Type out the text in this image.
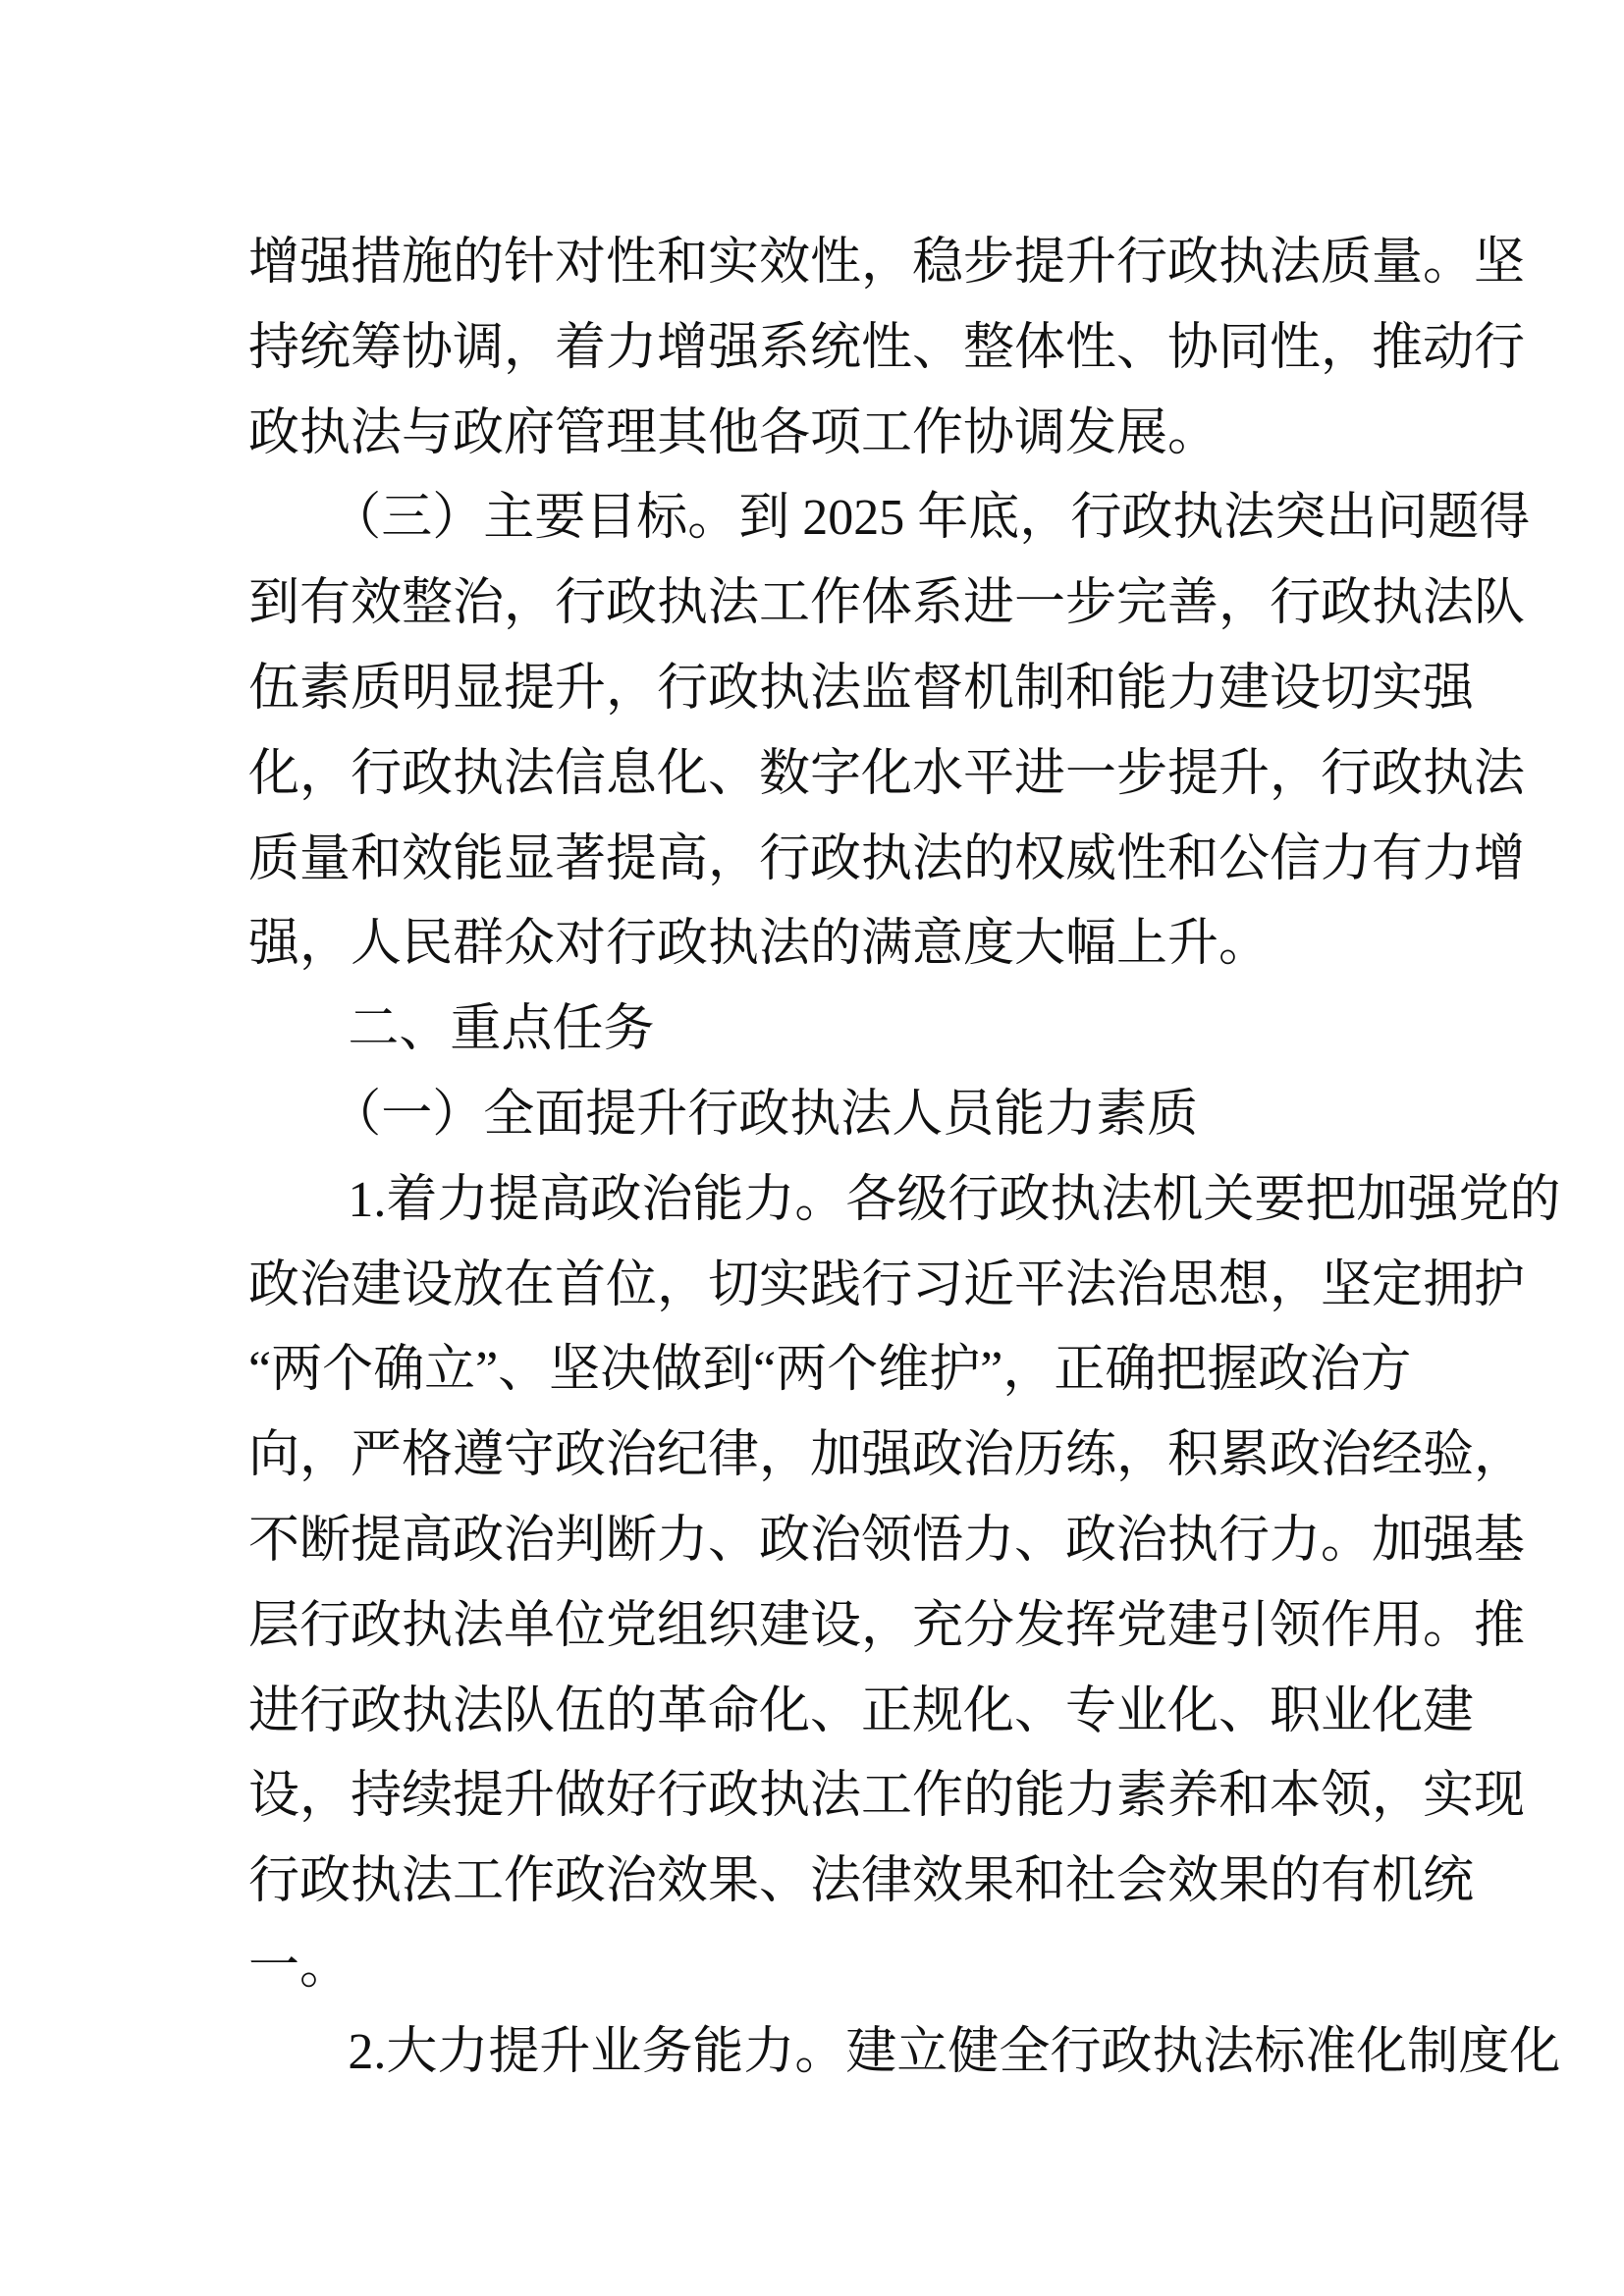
增强措施的针对性和实效性，稳步提升行政执法质量。坚
持统筹协调，着力增强系统性、整体性、协同性，推动行
政执法与政府管理其他各项工作协调发展。
（三）主要目标。到 2025 年底，行政执法突出问题得
到有效整治，行政执法工作体系进一步完善，行政执法队
伍素质明显提升，行政执法监督机制和能力建设切实强
化，行政执法信息化、数字化水平进一步提升，行政执法
质量和效能显著提高，行政执法的权威性和公信力有力增
强，人民群众对行政执法的满意度大幅上升。
二、重点任务
（一）全面提升行政执法人员能力素质
1.着力提高政治能力。各级行政执法机关要把加强党的
政治建设放在首位，切实践行习近平法治思想，坚定拥护
“两个确立”、坚决做到“两个维护”，正确把握政治方
向，严格遵守政治纪律，加强政治历练，积累政治经验，
不断提高政治判断力、政治领悟力、政治执行力。加强基
层行政执法单位党组织建设，充分发挥党建引领作用。推
进行政执法队伍的革命化、正规化、专业化、职业化建
设，持续提升做好行政执法工作的能力素养和本领，实现
行政执法工作政治效果、法律效果和社会效果的有机统
一。
2.大力提升业务能力。建立健全行政执法标准化制度化
